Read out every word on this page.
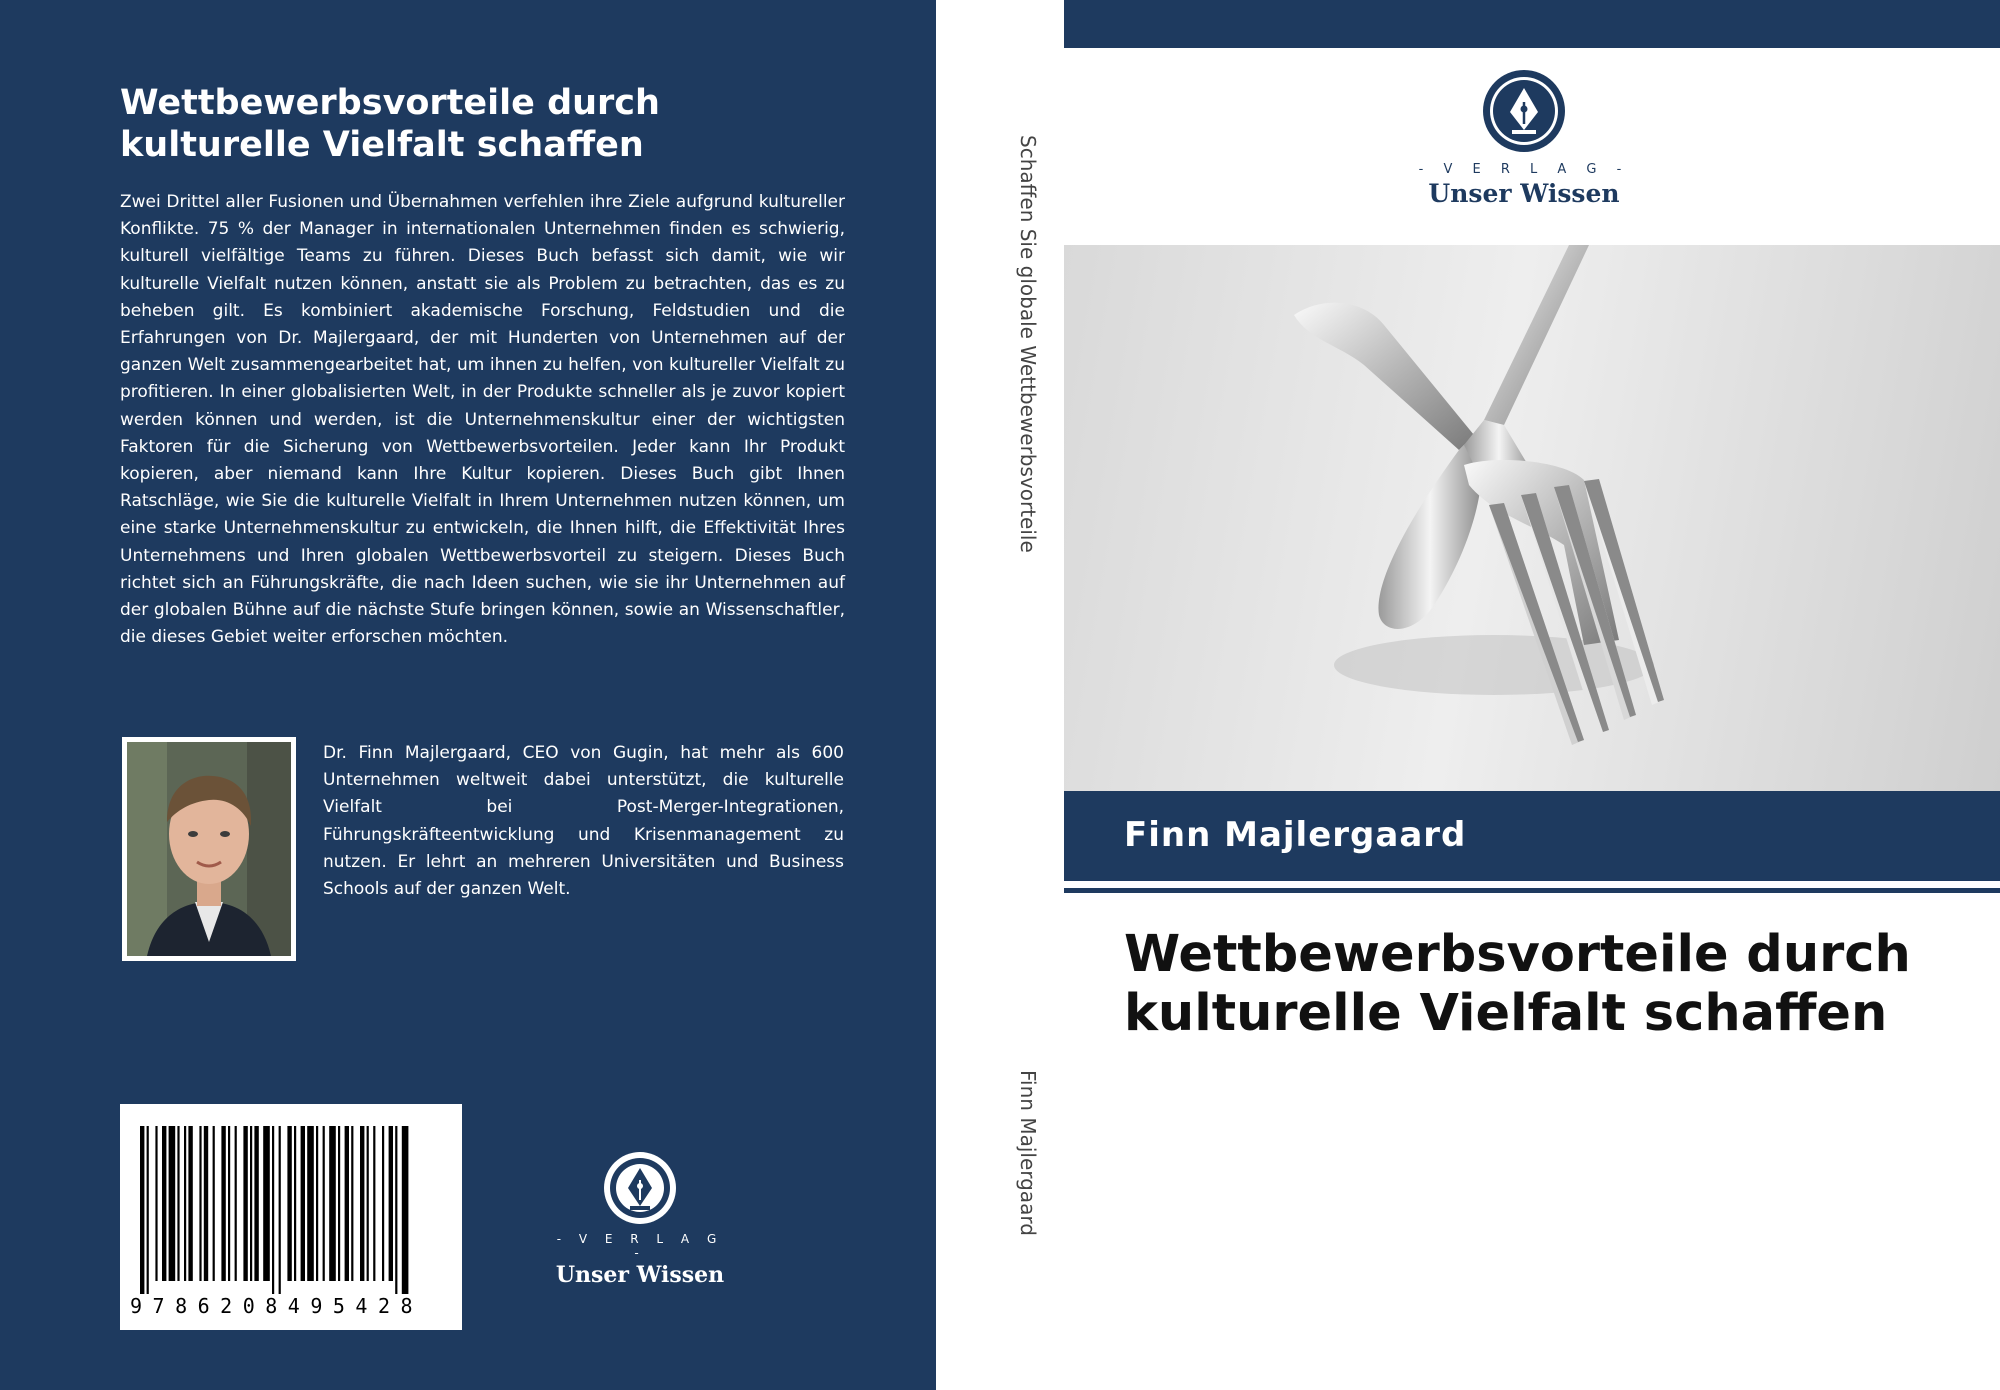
Wettbewerbsvorteile durch kulturelle Vielfalt schaffen

Zwei Drittel aller Fusionen und Übernahmen verfehlen ihre Ziele aufgrund kultureller Konflikte. 75 % der Manager in internationalen Unternehmen finden es schwierig, kulturell vielfältige Teams zu führen. Dieses Buch befasst sich damit, wie wir kulturelle Vielfalt nutzen können, anstatt sie als Problem zu betrachten, das es zu beheben gilt. Es kombiniert akademische Forschung, Feldstudien und die Erfahrungen von Dr. Majlergaard, der mit Hunderten von Unternehmen auf der ganzen Welt zusammengearbeitet hat, um ihnen zu helfen, von kultureller Vielfalt zu profitieren. In einer globalisierten Welt, in der Produkte schneller als je zuvor kopiert werden können und werden, ist die Unternehmenskultur einer der wichtigsten Faktoren für die Sicherung von Wettbewerbsvorteilen. Jeder kann Ihr Produkt kopieren, aber niemand kann Ihre Kultur kopieren. Dieses Buch gibt Ihnen Ratschläge, wie Sie die kulturelle Vielfalt in Ihrem Unternehmen nutzen können, um eine starke Unternehmenskultur zu entwickeln, die Ihnen hilft, die Effektivität Ihres Unternehmens und Ihren globalen Wettbewerbsvorteil zu steigern. Dieses Buch richtet sich an Führungskräfte, die nach Ideen suchen, wie sie ihr Unternehmen auf der globalen Bühne auf die nächste Stufe bringen können, sowie an Wissenschaftler, die dieses Gebiet weiter erforschen möchten.

Dr. Finn Majlergaard, CEO von Gugin, hat mehr als 600 Unternehmen weltweit dabei unterstützt, die kulturelle Vielfalt bei Post-Merger-Integrationen, Führungskräfteentwicklung und Krisenmanagement zu nutzen. Er lehrt an mehreren Universitäten und Business Schools auf der ganzen Welt.

9786208495428
- V E R L A G -
Unser Wissen
Schaffen Sie globale Wettbewerbsvorteile
Finn Majlergaard
- V E R L A G -
Unser Wissen
Finn Majlergaard
Wettbewerbsvorteile durch kulturelle Vielfalt schaffen
